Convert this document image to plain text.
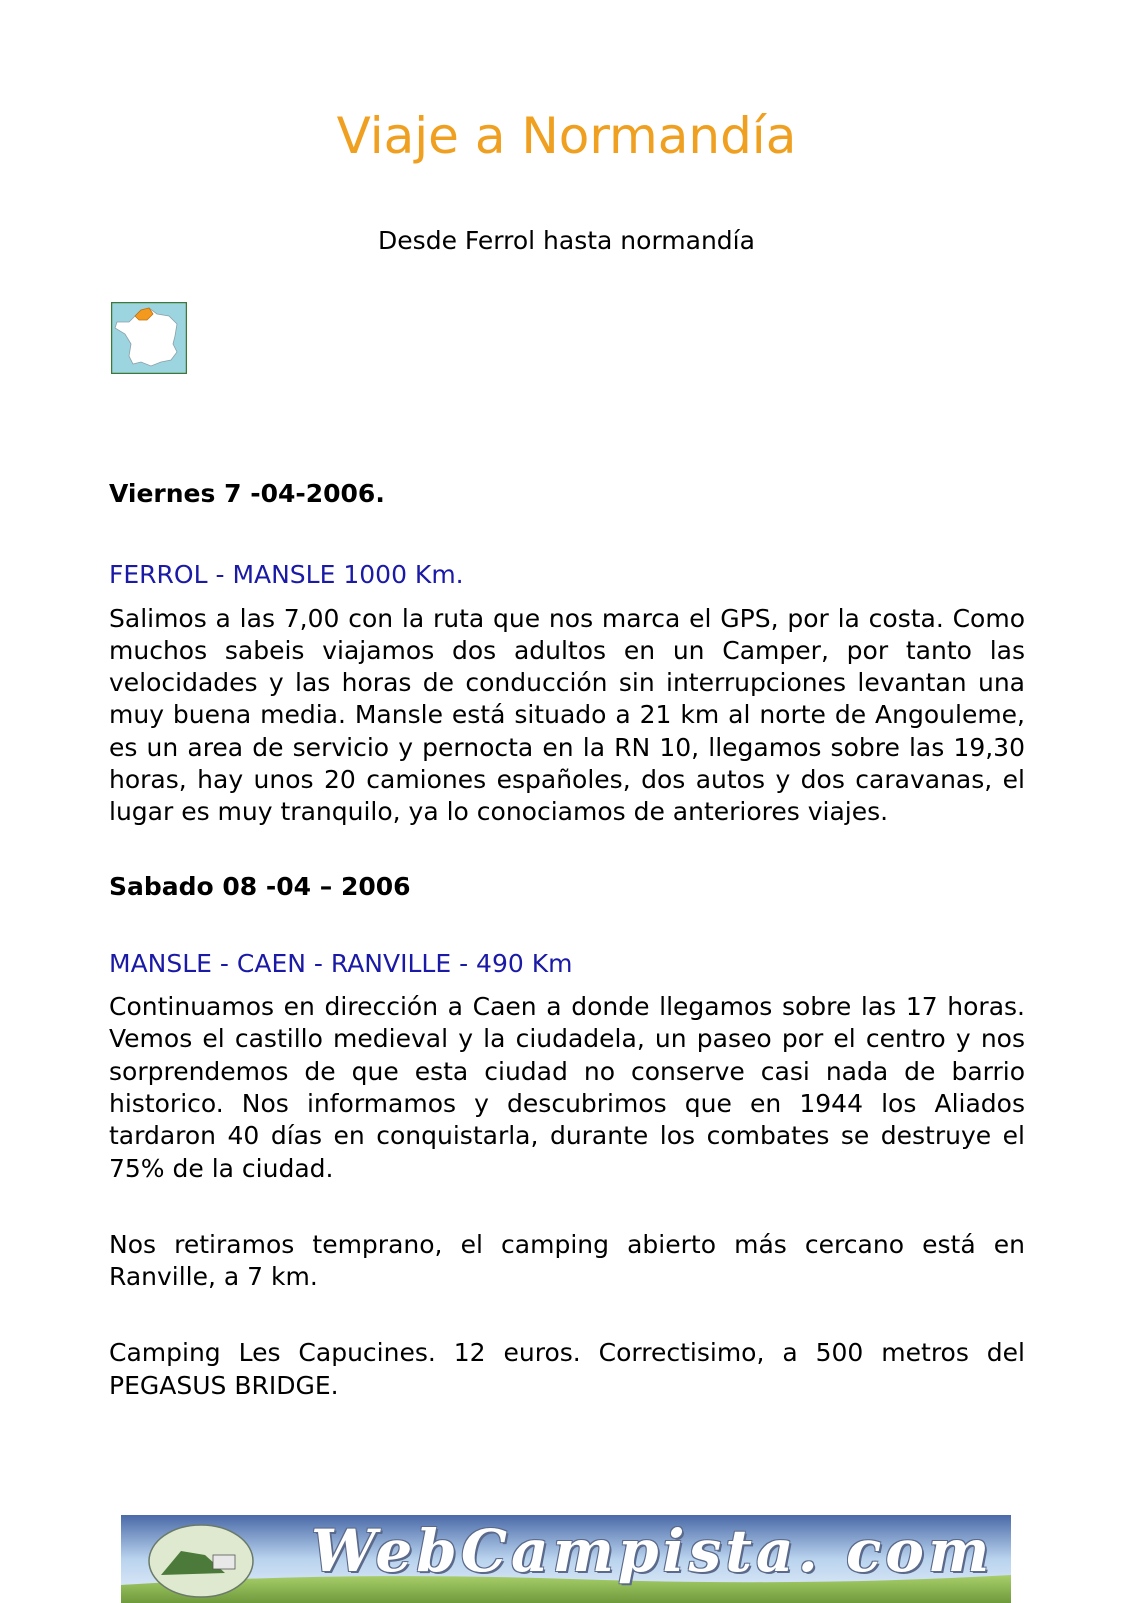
Viaje a Normandía
Desde Ferrol hasta normandía

Viernes 7 -04-2006.

FERROL - MANSLE 1000 Km.

Salimos a las 7,00 con la ruta que nos marca el GPS, por la costa. Como muchos sabeis viajamos dos adultos en un Camper, por tanto las velocidades y las horas de conducción sin interrupciones levantan una muy buena media. Mansle está situado a 21 km al norte de Angouleme, es un area de servicio y pernocta en la RN 10, llegamos sobre las 19,30 horas, hay unos 20 camiones españoles, dos autos y dos caravanas, el lugar es muy tranquilo, ya lo conociamos de anteriores viajes.

Sabado 08 -04 – 2006

MANSLE - CAEN - RANVILLE - 490 Km

Continuamos en dirección a Caen a donde llegamos sobre las 17 horas. Vemos el castillo medieval y la ciudadela, un paseo por el centro y nos sorprendemos de que esta ciudad no conserve casi nada de barrio historico. Nos informamos y descubrimos que en 1944 los Aliados tardaron 40 días en conquistarla, durante los combates se destruye el 75% de la ciudad.

Nos retiramos temprano, el camping abierto más cercano está en Ranville, a 7 km.

Camping Les Capucines. 12 euros. Correctisimo, a 500 metros del PEGASUS BRIDGE.

WebCampista. com
